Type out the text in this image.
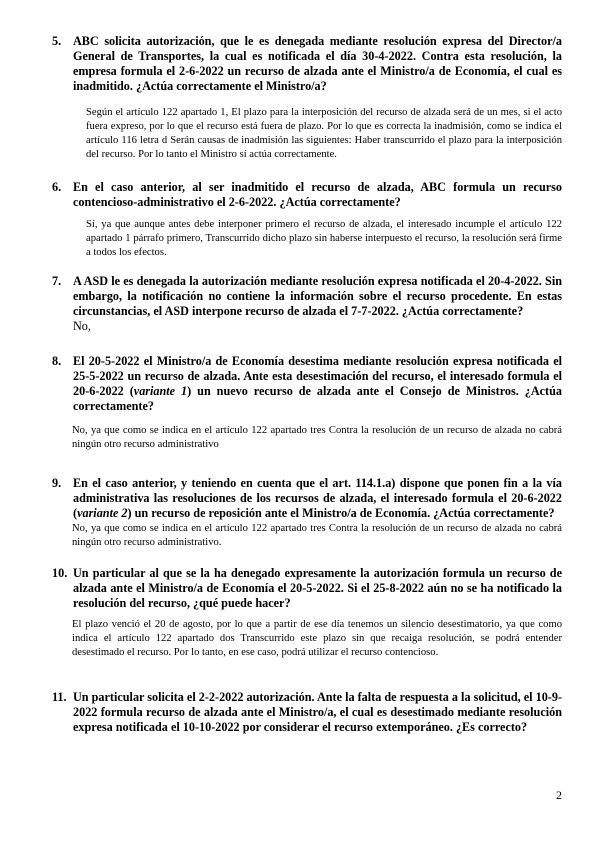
5. ABC solicita autorización, que le es denegada mediante resolución expresa del Director/a General de Transportes, la cual es notificada el día 30-4-2022. Contra esta resolución, la empresa formula el 2-6-2022 un recurso de alzada ante el Ministro/a de Economía, el cual es inadmitido. ¿Actúa correctamente el Ministro/a?
Según el artículo 122 apartado 1, El plazo para la interposición del recurso de alzada será de un mes, si el acto fuera expreso, por lo que el recurso está fuera de plazo. Por lo que es correcta la inadmisión, como se indica el artículo 116 letra d Serán causas de inadmisión las siguientes: Haber transcurrido el plazo para la interposición del recurso. Por lo tanto el Ministro sí actúa correctamente.
6. En el caso anterior, al ser inadmitido el recurso de alzada, ABC formula un recurso contencioso-administrativo el 2-6-2022. ¿Actúa correctamente?
Sí, ya que aunque antes debe interponer primero el recurso de alzada, el interesado incumple el artículo 122 apartado 1 párrafo primero, Transcurrido dicho plazo sin haberse interpuesto el recurso, la resolución será firme a todos los efectos.
7. A ASD le es denegada la autorización mediante resolución expresa notificada el 20-4-2022. Sin embargo, la notificación no contiene la información sobre el recurso procedente. En estas circunstancias, el ASD interpone recurso de alzada el 7-7-2022. ¿Actúa correctamente?
No,
8. El 20-5-2022 el Ministro/a de Economía desestima mediante resolución expresa notificada el 25-5-2022 un recurso de alzada. Ante esta desestimación del recurso, el interesado formula el 20-6-2022 (variante 1) un nuevo recurso de alzada ante el Consejo de Ministros. ¿Actúa correctamente?
No, ya que como se indica en el artículo 122 apartado tres Contra la resolución de un recurso de alzada no cabrá ningún otro recurso administrativo
9. En el caso anterior, y teniendo en cuenta que el art. 114.1.a) dispone que ponen fin a la vía administrativa las resoluciones de los recursos de alzada, el interesado formula el 20-6-2022 (variante 2) un recurso de reposición ante el Ministro/a de Economía. ¿Actúa correctamente?
No, ya que como se indica en el artículo 122 apartado tres Contra la resolución de un recurso de alzada no cabrá ningún otro recurso administrativo.
10. Un particular al que se la ha denegado expresamente la autorización formula un recurso de alzada ante el Ministro/a de Economía el 20-5-2022. Si el 25-8-2022 aún no se ha notificado la resolución del recurso, ¿qué puede hacer?
El plazo venció el 20 de agosto, por lo que a partir de ese día tenemos un silencio desestimatorio, ya que como indica el artículo 122 apartado dos Transcurrido este plazo sin que recaiga resolución, se podrá entender desestimado el recurso. Por lo tanto, en ese caso, podrá utilizar el recurso contencioso.
11. Un particular solicita el 2-2-2022 autorización. Ante la falta de respuesta a la solicitud, el 10-9-2022 formula recurso de alzada ante el Ministro/a, el cual es desestimado mediante resolución expresa notificada el 10-10-2022 por considerar el recurso extemporáneo. ¿Es correcto?
2
